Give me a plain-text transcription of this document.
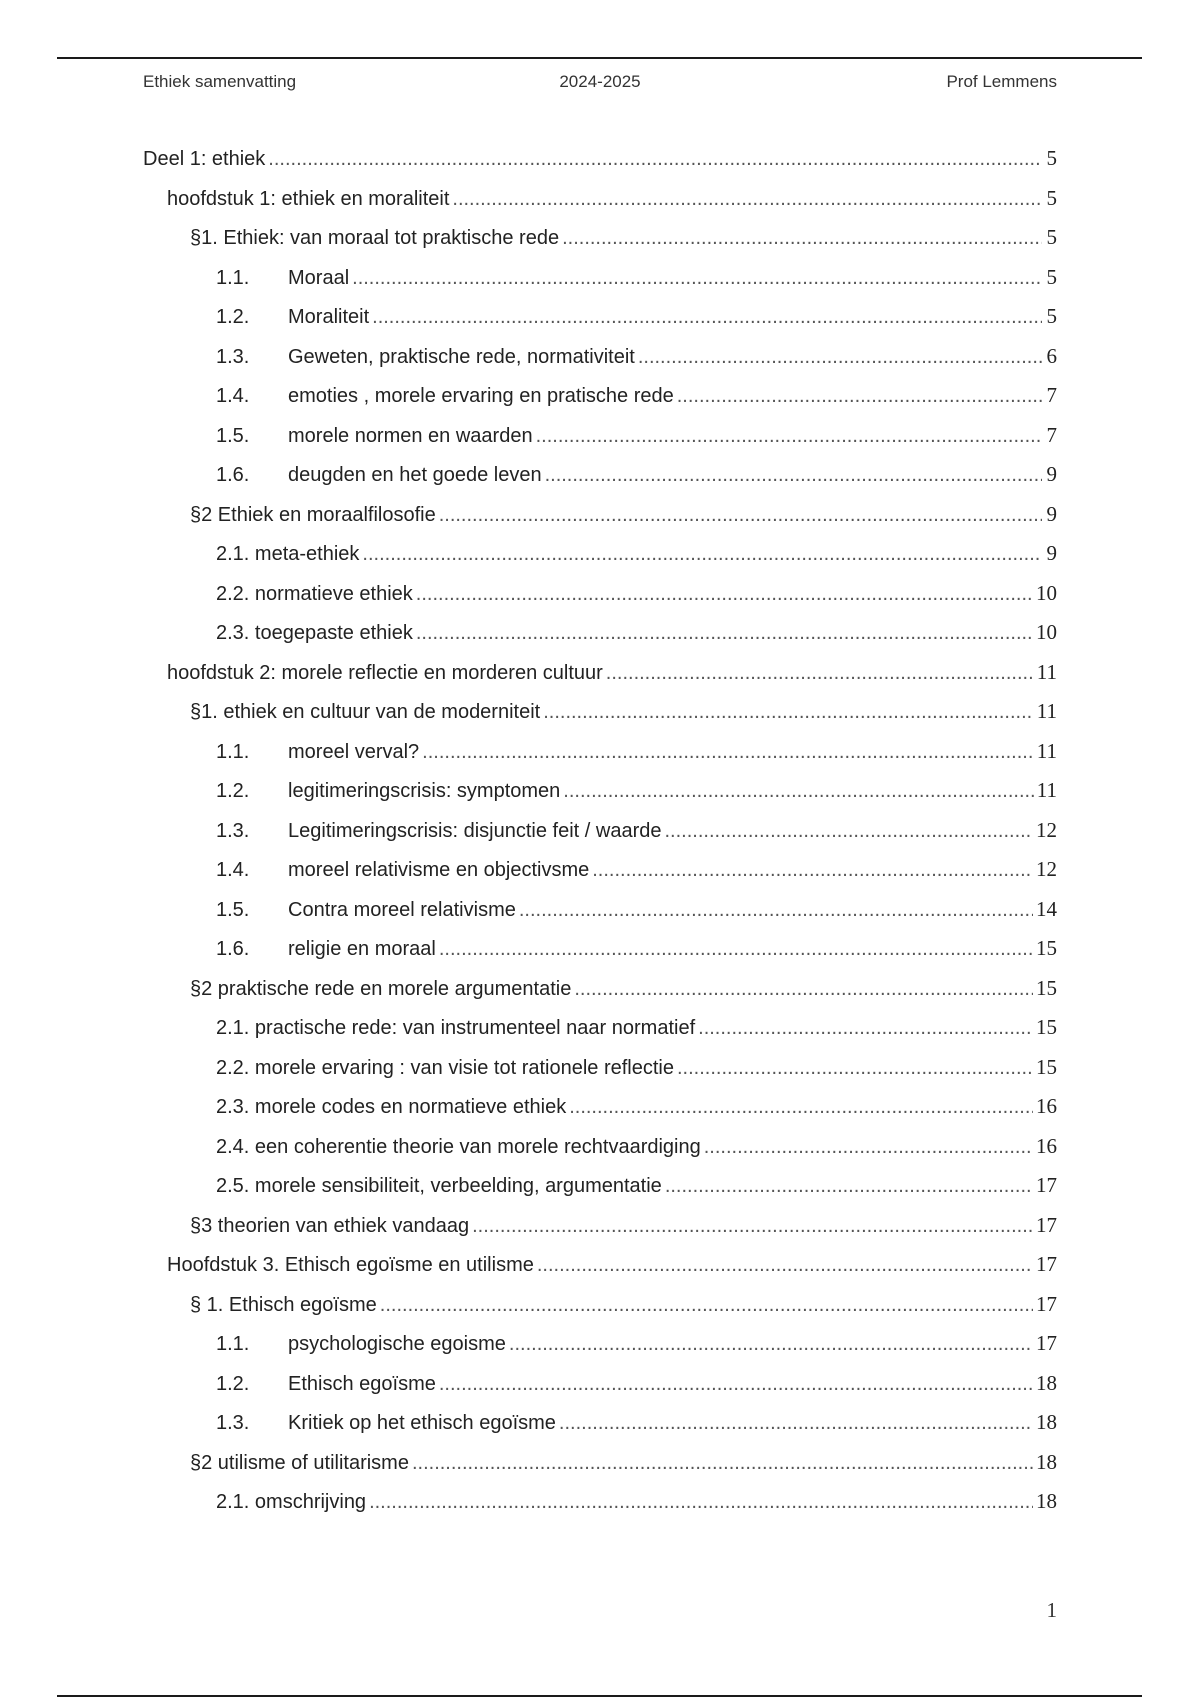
Ethiek samenvatting	2024-2025	Prof Lemmens
Deel 1: ethiek .....	5
hoofdstuk 1: ethiek en moraliteit .....	5
§1. Ethiek: van moraal tot praktische rede .....	5
1.1.	Moraal .....	5
1.2.	Moraliteit .....	5
1.3.	Geweten, praktische rede, normativiteit .....	6
1.4.	emoties , morele ervaring en pratische rede .....	7
1.5.	morele normen en waarden .....	7
1.6.	deugden en het goede leven .....	9
§2 Ethiek en moraalfilosofie .....	9
2.1. meta-ethiek .....	9
2.2. normatieve ethiek .....	10
2.3. toegepaste ethiek .....	10
hoofdstuk 2: morele reflectie en morderen cultuur .....	11
§1. ethiek en cultuur van de moderniteit .....	11
1.1.	moreel verval? .....	11
1.2.	legitimeringscrisis: symptomen .....	11
1.3.	Legitimeringscrisis: disjunctie feit / waarde .....	12
1.4.	moreel relativisme en objectivsme .....	12
1.5.	Contra moreel relativisme .....	14
1.6.	religie en moraal .....	15
§2 praktische rede en morele argumentatie .....	15
2.1. practische rede: van instrumenteel naar normatief .....	15
2.2. morele ervaring : van visie tot rationele reflectie .....	15
2.3. morele codes en normatieve ethiek .....	16
2.4. een coherentie theorie van morele rechtvaardiging .....	16
2.5. morele sensibiliteit, verbeelding, argumentatie .....	17
§3 theorien van ethiek vandaag .....	17
Hoofdstuk 3. Ethisch egoïsme en utilisme .....	17
§ 1. Ethisch egoïsme .....	17
1.1.	psychologische egoisme .....	17
1.2.	Ethisch egoïsme .....	18
1.3.	Kritiek op het ethisch egoïsme .....	18
§2 utilisme of utilitarisme .....	18
2.1. omschrijving .....	18
1
